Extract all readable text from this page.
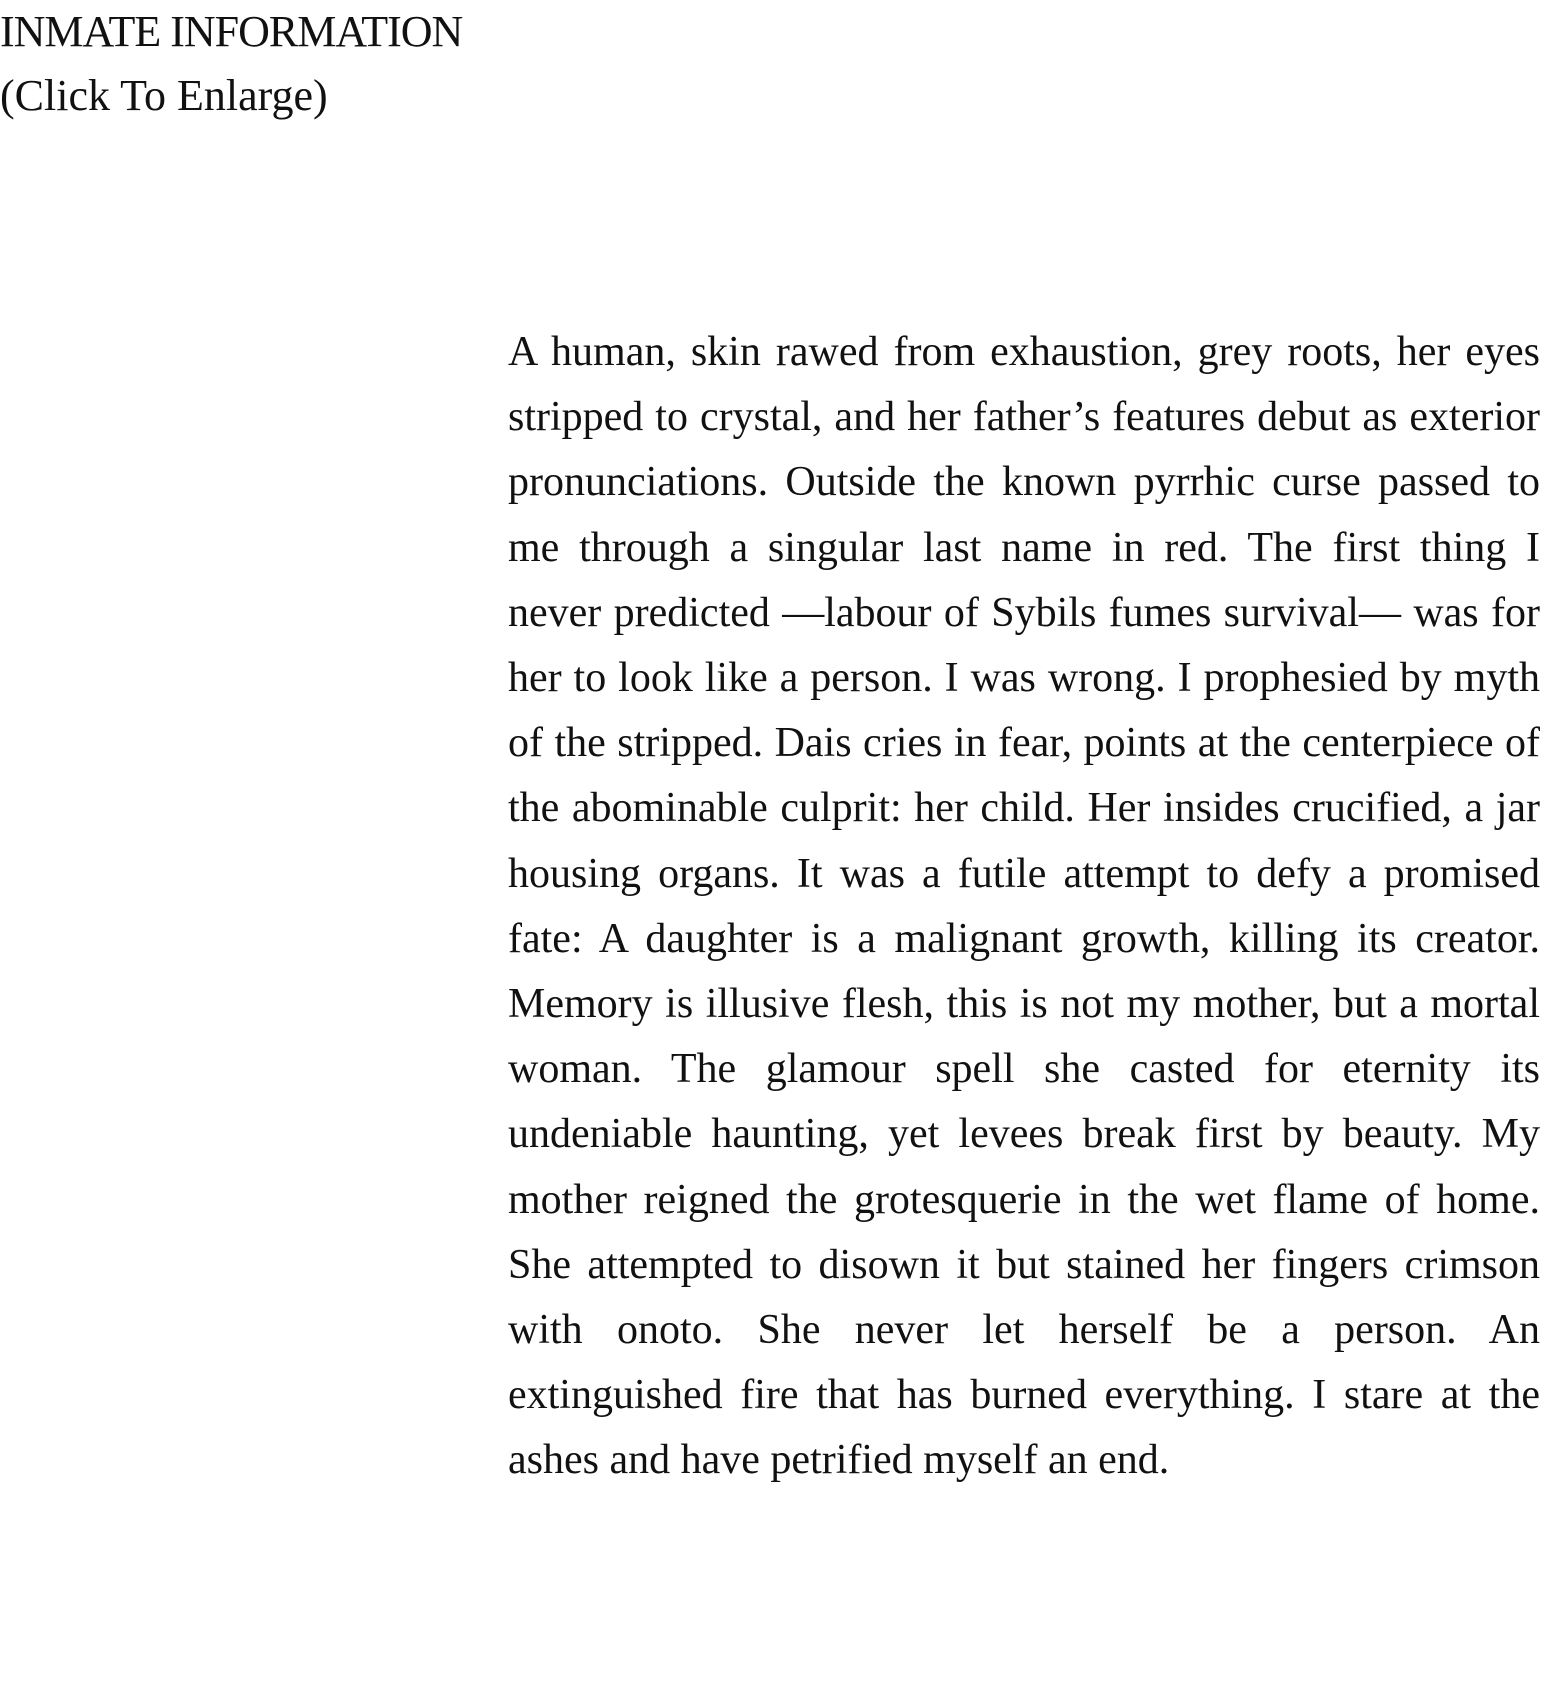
INMATE INFORMATION
(Click To Enlarge)

A human, skin rawed from exhaustion, grey roots, her eyes stripped to crystal, and her father’s features debut as exterior pronunciations. Outside the known pyrrhic curse passed to me through a singular last name in red. The first thing I never predicted —labour of Sybils fumes survival— was for her to look like a person. I was wrong. I prophesied by myth of the stripped. Dais cries in fear, points at the centerpiece of the abominable culprit: her child. Her insides crucified, a jar housing organs. It was a futile attempt to defy a promised fate: A daughter is a malignant growth, killing its creator. Memory is illusive flesh, this is not my mother, but a mortal woman. The glamour spell she casted for eternity its undeniable haunting, yet levees break first by beauty. My mother reigned the grotesquerie in the wet flame of home. She attempted to disown it but stained her fingers crimson with onoto. She never let herself be a person. An extinguished fire that has burned everything. I stare at the ashes and have petrified myself an end.
